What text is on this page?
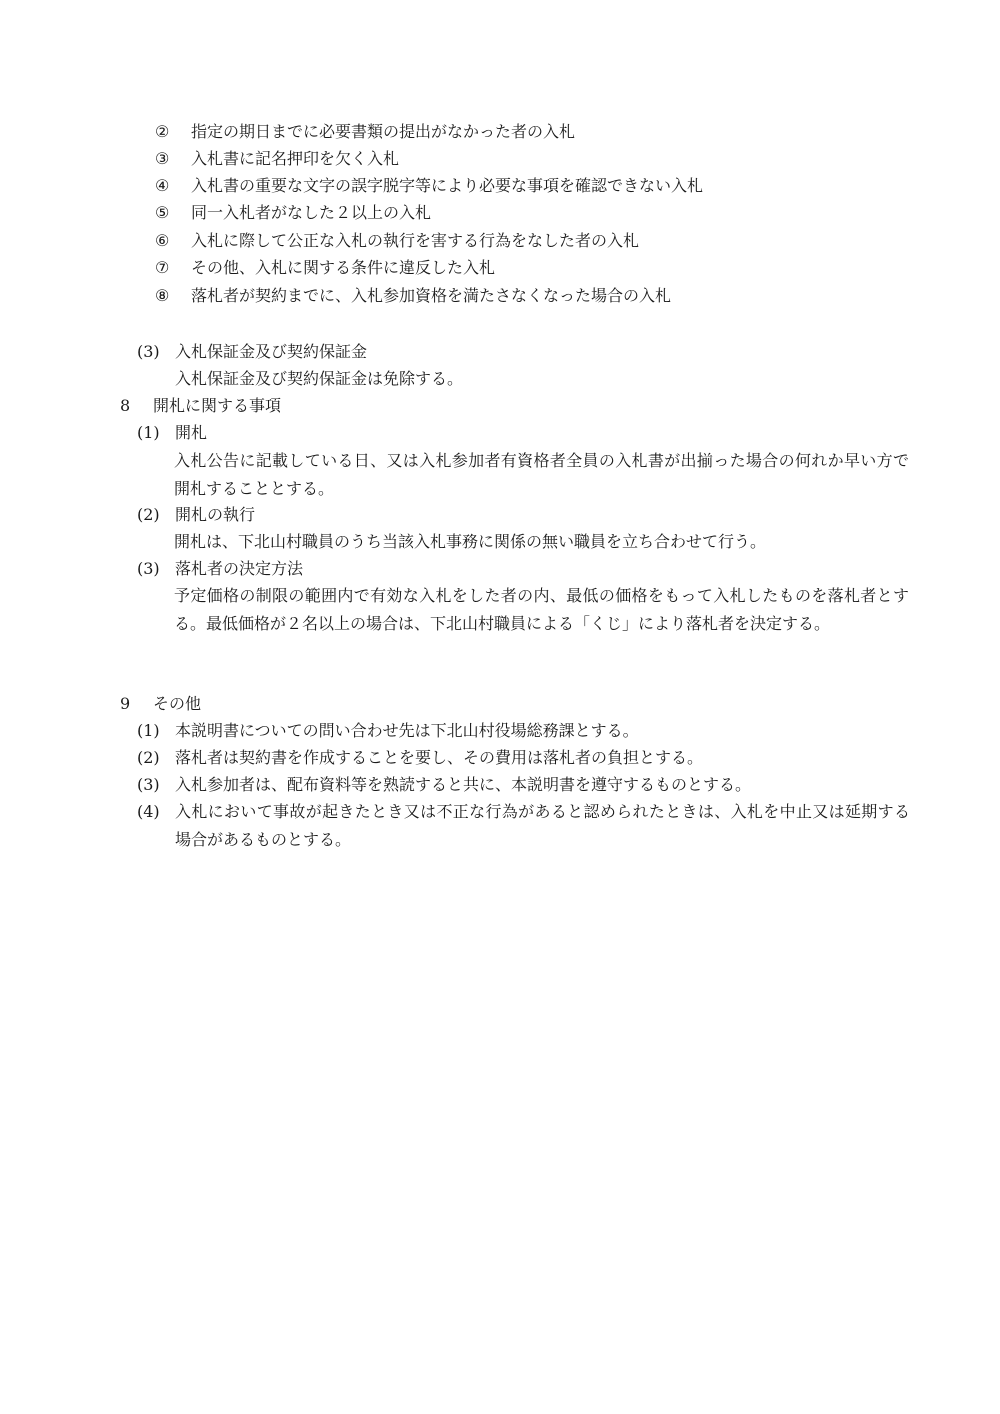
② 指定の期日までに必要書類の提出がなかった者の入札
③ 入札書に記名押印を欠く入札
④ 入札書の重要な文字の誤字脱字等により必要な事項を確認できない入札
⑤ 同一入札者がなした２以上の入札
⑥ 入札に際して公正な入札の執行を害する行為をなした者の入札
⑦ その他、入札に関する条件に違反した入札
⑧ 落札者が契約までに、入札参加資格を満たさなくなった場合の入札
(3) 入札保証金及び契約保証金
入札保証金及び契約保証金は免除する。
8 開札に関する事項
(1) 開札
入札公告に記載している日、又は入札参加者有資格者全員の入札書が出揃った場合の何れか早い方で開札することとする。
(2) 開札の執行
開札は、下北山村職員のうち当該入札事務に関係の無い職員を立ち合わせて行う。
(3) 落札者の決定方法
予定価格の制限の範囲内で有効な入札をした者の内、最低の価格をもって入札したものを落札者とする。最低価格が２名以上の場合は、下北山村職員による「くじ」により落札者を決定する。
9 その他
(1) 本説明書についての問い合わせ先は下北山村役場総務課とする。
(2) 落札者は契約書を作成することを要し、その費用は落札者の負担とする。
(3) 入札参加者は、配布資料等を熟読すると共に、本説明書を遵守するものとする。
(4) 入札において事故が起きたとき又は不正な行為があると認められたときは、入札を中止又は延期する場合があるものとする。
